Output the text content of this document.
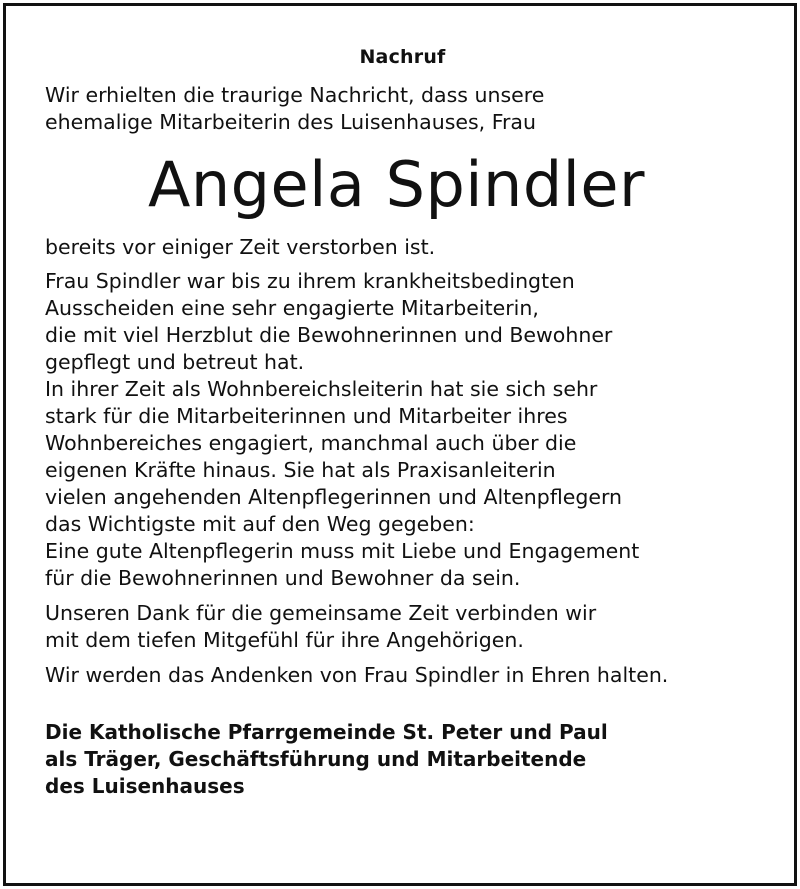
Nachruf
Wir erhielten die traurige Nachricht, dass unsere
ehemalige Mitarbeiterin des Luisenhauses, Frau
Angela Spindler
bereits vor einiger Zeit verstorben ist.
Frau Spindler war bis zu ihrem krankheitsbedingten
Ausscheiden eine sehr engagierte Mitarbeiterin,
die mit viel Herzblut die Bewohnerinnen und Bewohner
gepflegt und betreut hat.
In ihrer Zeit als Wohnbereichsleiterin hat sie sich sehr
stark für die Mitarbeiterinnen und Mitarbeiter ihres
Wohnbereiches engagiert, manchmal auch über die
eigenen Kräfte hinaus. Sie hat als Praxisanleiterin
vielen angehenden Altenpflegerinnen und Altenpflegern
das Wichtigste mit auf den Weg gegeben:
Eine gute Altenpflegerin muss mit Liebe und Engagement
für die Bewohnerinnen und Bewohner da sein.
Unseren Dank für die gemeinsame Zeit verbinden wir
mit dem tiefen Mitgefühl für ihre Angehörigen.
Wir werden das Andenken von Frau Spindler in Ehren halten.
Die Katholische Pfarrgemeinde St. Peter und Paul
als Träger, Geschäftsführung und Mitarbeitende
des Luisenhauses
